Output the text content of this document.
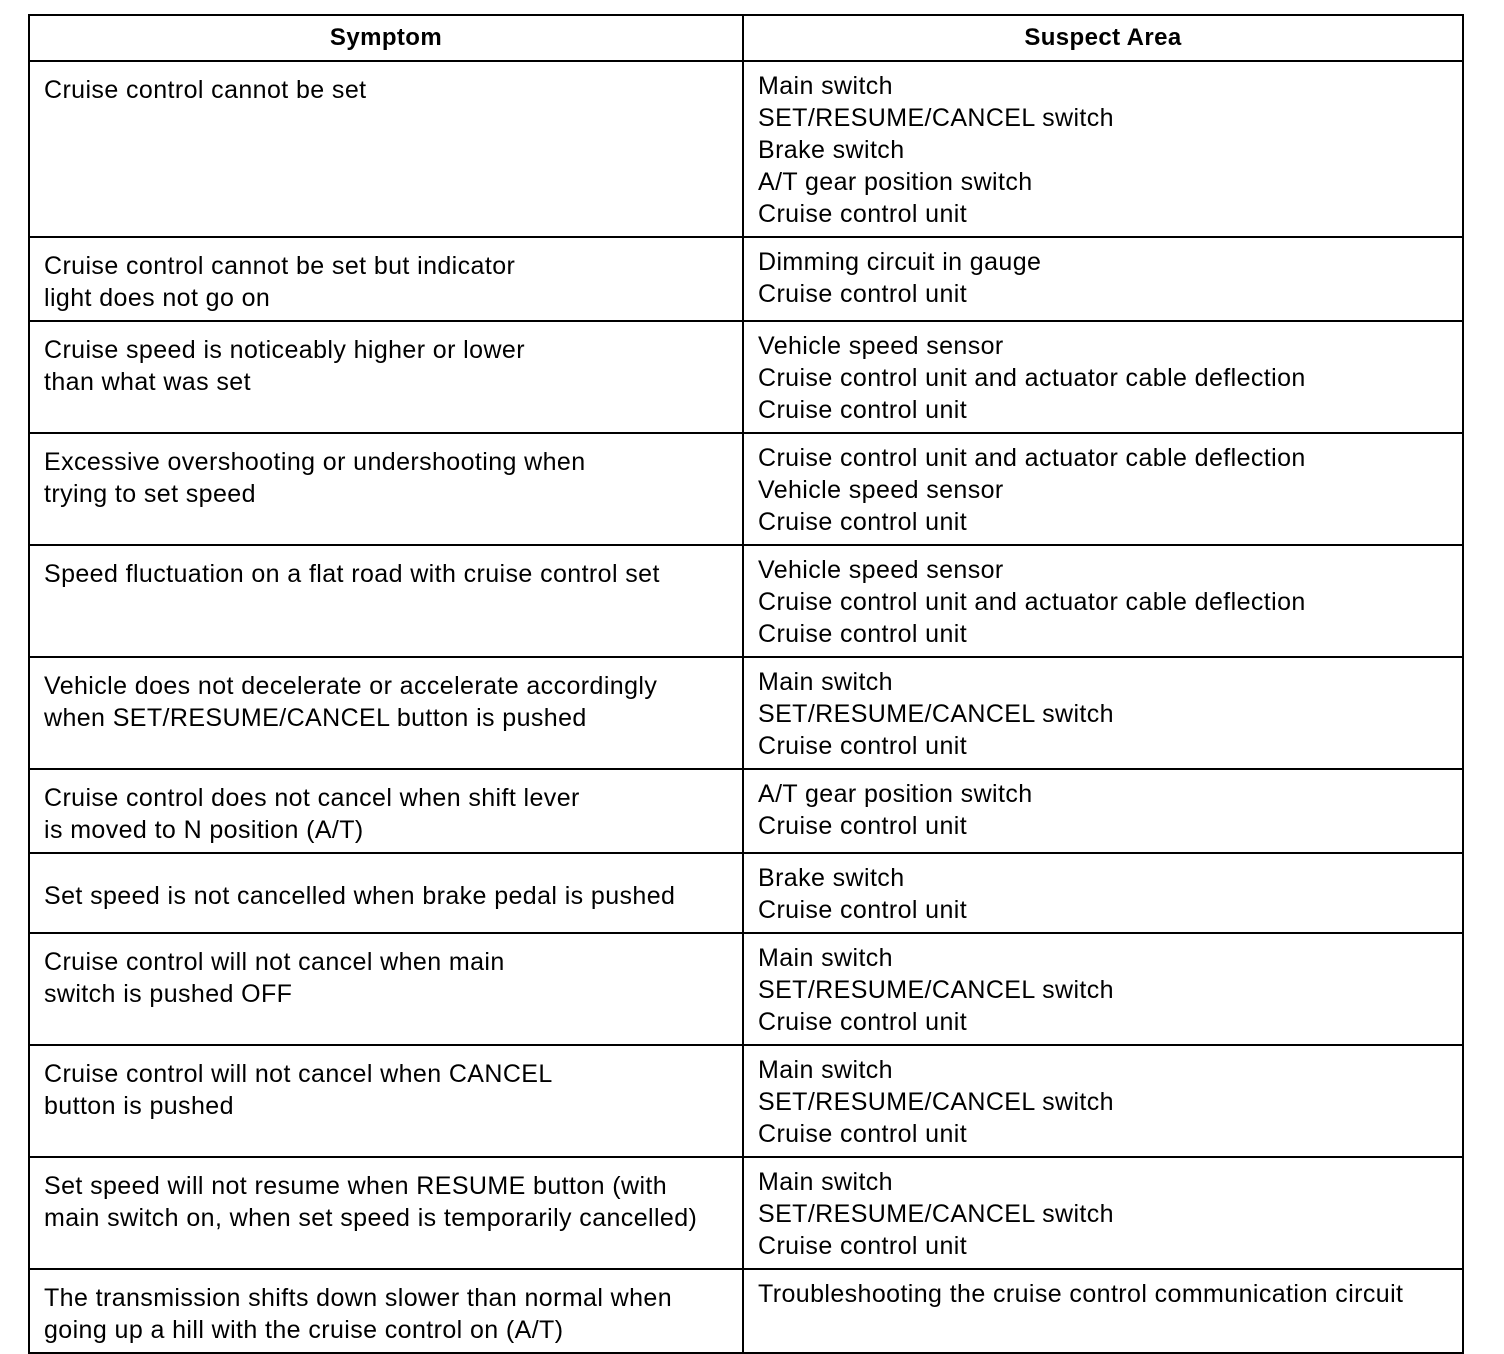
Symptom	Suspect Area

Cruise control cannot be set	Main switch
SET/RESUME/CANCEL switch
Brake switch
A/T gear position switch
Cruise control unit

Cruise control cannot be set but indicator
light does not go on	Dimming circuit in gauge
Cruise control unit

Cruise speed is noticeably higher or lower
than what was set	Vehicle speed sensor
Cruise control unit and actuator cable deflection
Cruise control unit

Excessive overshooting or undershooting when
trying to set speed	Cruise control unit and actuator cable deflection
Vehicle speed sensor
Cruise control unit

Speed fluctuation on a flat road with cruise control set	Vehicle speed sensor
Cruise control unit and actuator cable deflection
Cruise control unit

Vehicle does not decelerate or accelerate accordingly
when SET/RESUME/CANCEL button is pushed	Main switch
SET/RESUME/CANCEL switch
Cruise control unit

Cruise control does not cancel when shift lever
is moved to N position (A/T)	A/T gear position switch
Cruise control unit

Set speed is not cancelled when brake pedal is pushed	Brake switch
Cruise control unit

Cruise control will not cancel when main
switch is pushed OFF	Main switch
SET/RESUME/CANCEL switch
Cruise control unit

Cruise control will not cancel when CANCEL
button is pushed	Main switch
SET/RESUME/CANCEL switch
Cruise control unit

Set speed will not resume when RESUME button (with
main switch on, when set speed is temporarily cancelled)	Main switch
SET/RESUME/CANCEL switch
Cruise control unit

The transmission shifts down slower than normal when
going up a hill with the cruise control on (A/T)	Troubleshooting the cruise control communication circuit
